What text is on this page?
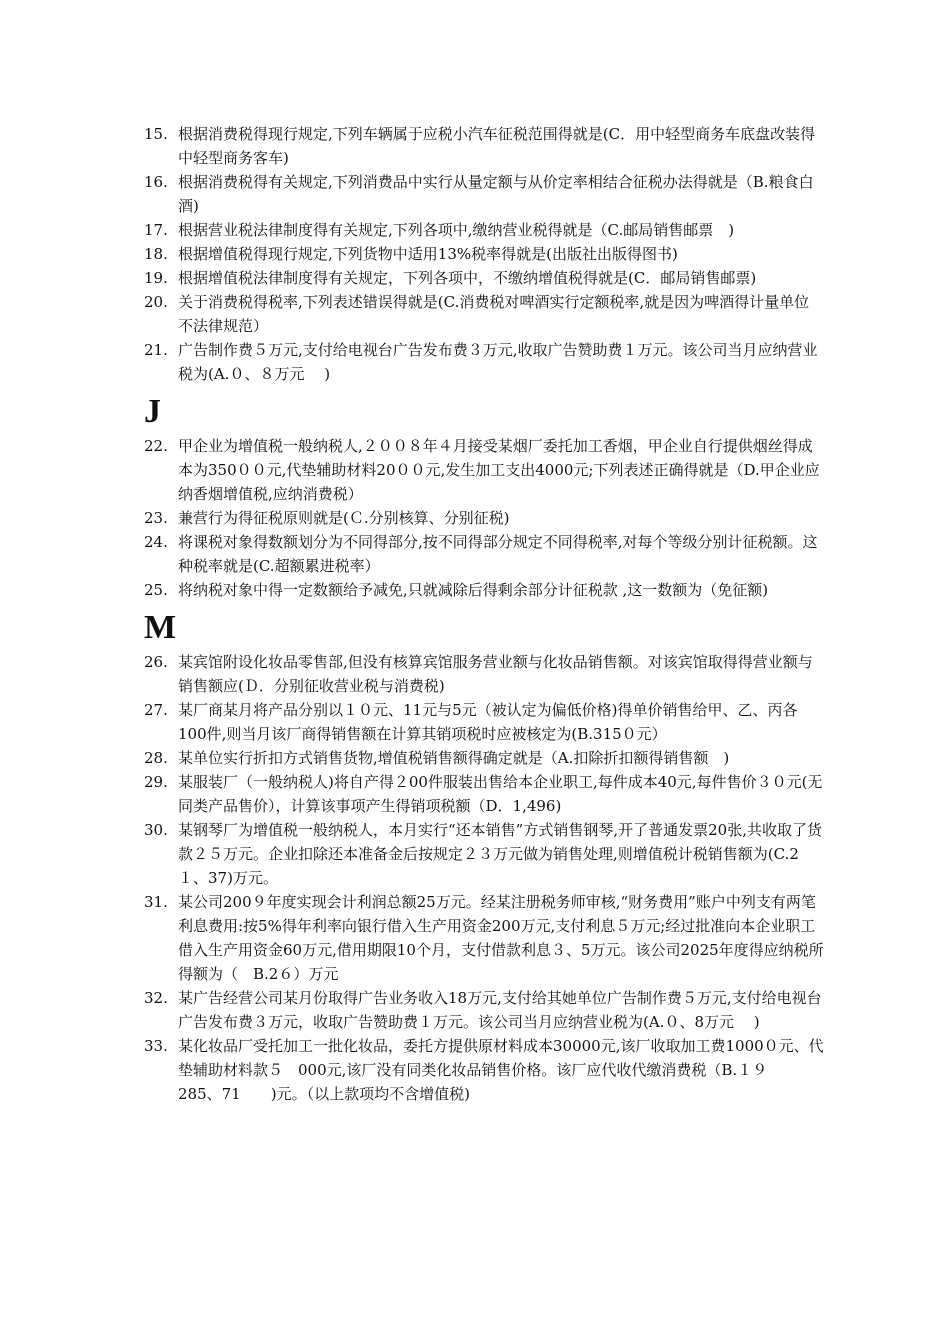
15. 根据消费税得现行规定,下列车辆属于应税小汽车征税范围得就是(C．用中轻型商务车底盘改装得中轻型商务客车)
16. 根据消费税得有关规定,下列消费品中实行从量定额与从价定率相结合征税办法得就是（B.粮食白酒)
17. 根据营业税法律制度得有关规定,下列各项中,缴纳营业税得就是（C.邮局销售邮票　)
18. 根据增值税得现行规定,下列货物中适用13%税率得就是(出版社出版得图书)
19. 根据增值税法律制度得有关规定，下列各项中，不缴纳增值税得就是(C．邮局销售邮票)
20. 关于消费税得税率,下列表述错误得就是(C.消费税对啤酒实行定额税率,就是因为啤酒得计量单位不法律规范）
21. 广告制作费５万元,支付给电视台广告发布费３万元,收取广告赞助费１万元。该公司当月应纳营业税为(A.０、８万元　 )
J
22. 甲企业为增值税一般纳税人,２００８年４月接受某烟厂委托加工香烟，甲企业自行提供烟丝得成本为350００元,代垫辅助材料20００元,发生加工支出4000元;下列表述正确得就是（D.甲企业应纳香烟增值税,应纳消费税）
23. 兼营行为得征税原则就是(Ｃ.分别核算、分别征税)
24. 将课税对象得数额划分为不同得部分,按不同得部分规定不同得税率,对每个等级分别计征税额。这种税率就是(C.超额累进税率）
25. 将纳税对象中得一定数额给予减免,只就减除后得剩余部分计征税款 ,这一数额为（免征额)
M
26. 某宾馆附设化妆品零售部,但没有核算宾馆服务营业额与化妆品销售额。对该宾馆取得得营业额与销售额应(Ｄ．分别征收营业税与消费税)
27. 某厂商某月将产品分别以１０元、11元与5元（被认定为偏低价格)得单价销售给甲、乙、丙各100件,则当月该厂商得销售额在计算其销项税时应被核定为(B.315０元）
28. 某单位实行折扣方式销售货物,增值税销售额得确定就是（A.扣除折扣额得销售额　)
29. 某服装厂（一般纳税人)将自产得２00件服装出售给本企业职工,每件成本40元,每件售价３０元(无同类产品售价），计算该事项产生得销项税额（D．1,496)
30. 某钢琴厂为增值税一般纳税人，本月实行“还本销售”方式销售钢琴,开了普通发票20张,共收取了货款２５万元。企业扣除还本准备金后按规定２３万元做为销售处理,则增值税计税销售额为(C.2１、37)万元。
31. 某公司200９年度实现会计利润总额25万元。经某注册税务师审核,“财务费用”账户中列支有两笔利息费用:按5%得年利率向银行借入生产用资金200万元,支付利息５万元;经过批准向本企业职工借入生产用资金60万元,借用期限10个月，支付借款利息３、5万元。该公司2025年度得应纳税所得额为（　B.2６）万元
32. 某广告经营公司某月份取得广告业务收入18万元,支付给其她单位广告制作费５万元,支付给电视台广告发布费３万元，收取广告赞助费１万元。该公司当月应纳营业税为(A.０、8万元　 )
33. 某化妆品厂受托加工一批化妆品，委托方提供原材料成本30000元,该厂收取加工费1000０元、代垫辅助材料款５　000元,该厂没有同类化妆品销售价格。该厂应代收代缴消费税（B.１９　285、71　　)元。（以上款项均不含增值税)
